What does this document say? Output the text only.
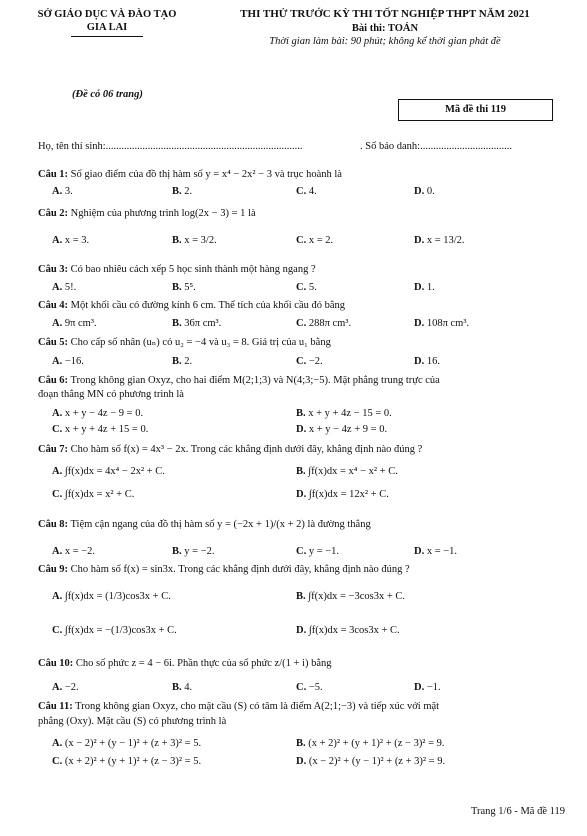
SỞ GIÁO DỤC VÀ ĐÀO TẠO
GIA LAI
(Đề có 06 trang)
THI THỬ TRƯỚC KỲ THI TỐT NGHIỆP THPT NĂM 2021
Bài thi: TOÁN
Thời gian làm bài: 90 phút; không kể thời gian phát đề
Mã đề thi 119
Họ, tên thí sinh:...........................................................................	. Số báo danh:...................................
Câu 1: Số giao điểm của đồ thị hàm số y = x⁴ − 2x² − 3 và trục hoành là
A. 3.	B. 2.	C. 4.	D. 0.
Câu 2: Nghiệm của phương trình log(2x − 3) = 1 là
A. x = 3.	B. x = 3/2.	C. x = 2.	D. x = 13/2.
Câu 3: Có bao nhiêu cách xếp 5 học sinh thành một hàng ngang ?
A. 5!.	B. 5⁵.	C. 5.	D. 1.
Câu 4: Một khối cầu có đường kính 6 cm. Thể tích của khối cầu đó bằng
A. 9π cm³.	B. 36π cm³.	C. 288π cm³.	D. 108π cm³.
Câu 5: Cho cấp số nhân (uₙ) có u₂ = −4 và u₃ = 8. Giá trị của u₁ bằng
A. −16.	B. 2.	C. −2.	D. 16.
Câu 6: Trong không gian Oxyz, cho hai điểm M(2;1;3) và N(4;3;−5). Mặt phẳng trung trực của
đoạn thẳng MN có phương trình là
A. x + y − 4z − 9 = 0.	B. x + y + 4z − 15 = 0.
C. x + y + 4z + 15 = 0.	D. x + y − 4z + 9 = 0.
Câu 7: Cho hàm số f(x) = 4x³ − 2x. Trong các khẳng định dưới đây, khẳng định nào đúng ?
A. ∫f(x)dx = 4x⁴ − 2x² + C.	B. ∫f(x)dx = x⁴ − x² + C.
C. ∫f(x)dx = x² + C.	D. ∫f(x)dx = 12x² + C.
Câu 8: Tiệm cận ngang của đồ thị hàm số y = (−2x + 1)/(x + 2) là đường thẳng
A. x = −2.	B. y = −2.	C. y = −1.	D. x = −1.
Câu 9: Cho hàm số f(x) = sin3x. Trong các khẳng định dưới đây, khẳng định nào đúng ?
A. ∫f(x)dx = (1/3)cos3x + C.	B. ∫f(x)dx = −3cos3x + C.
C. ∫f(x)dx = −(1/3)cos3x + C.	D. ∫f(x)dx = 3cos3x + C.
Câu 10: Cho số phức z = 4 − 6i. Phần thực của số phức z/(1 + i) bằng
A. −2.	B. 4.	C. −5.	D. −1.
Câu 11: Trong không gian Oxyz, cho mặt cầu (S) có tâm là điểm A(2;1;−3) và tiếp xúc với mặt
phẳng (Oxy). Mặt cầu (S) có phương trình là
A. (x − 2)² + (y − 1)² + (z + 3)² = 5.	B. (x + 2)² + (y + 1)² + (z − 3)² = 9.
C. (x + 2)² + (y + 1)² + (z − 3)² = 5.	D. (x − 2)² + (y − 1)² + (z + 3)² = 9.
Trang 1/6 - Mã đề 119
